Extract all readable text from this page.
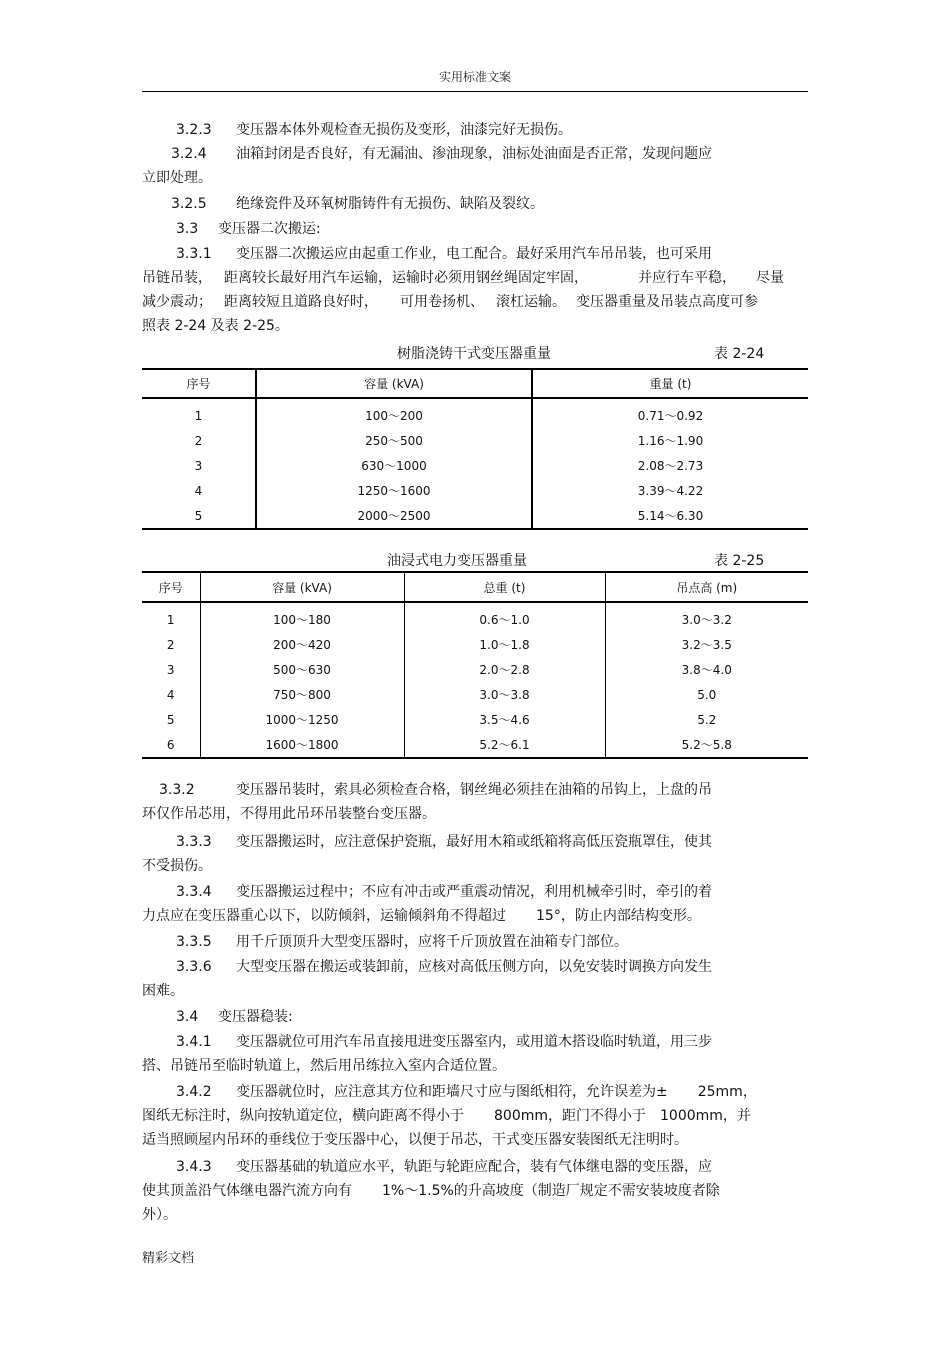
实用标准文案
3.2.3 变压器本体外观检查无损伤及变形，油漆完好无损伤。
3.2.4 油箱封闭是否良好，有无漏油、渗油现象，油标处油面是否正常，发现问题应
立即处理。
3.2.5 绝缘瓷件及环氧树脂铸件有无损伤、缺陷及裂纹。
3.3 变压器二次搬运:
3.3.1 变压器二次搬运应由起重工作业，电工配合。最好采用汽车吊吊装，也可采用
吊链吊装， 距离较长最好用汽车运输，运输时必须用钢丝绳固定牢固，	并应行车平稳， 尽量
减少震动； 距离较短且道路良好时， 可用卷扬机、 滚杠运输。 变压器重量及吊装点高度可参
照表 2-24 及表 2-25。
树脂浇铸干式变压器重量	表 2-24
序号	容量 (kVA)	重量 (t)
1	100～200	0.71～0.92
2	250～500	1.16～1.90
3	630～1000	2.08～2.73
4	1250～1600	3.39～4.22
5	2000～2500	5.14～6.30
油浸式电力变压器重量	表 2-25
序号	容量 (kVA)	总重 (t)	吊点高 (m)
1	100～180	0.6～1.0	3.0～3.2
2	200～420	1.0～1.8	3.2～3.5
3	500～630	2.0～2.8	3.8～4.0
4	750～800	3.0～3.8	5.0
5	1000～1250	3.5～4.6	5.2
6	1600～1800	5.2～6.1	5.2～5.8
3.3.2	变压器吊装时，索具必须检查合格，钢丝绳必须挂在油箱的吊钩上，上盘的吊
环仅作吊芯用，不得用此吊环吊装整台变压器。
3.3.3 变压器搬运时，应注意保护瓷瓶，最好用木箱或纸箱将高低压瓷瓶罩住，使其
不受损伤。
3.3.4 变压器搬运过程中；不应有冲击或严重震动情况，利用机械牵引时，牵引的着
力点应在变压器重心以下，以防倾斜，运输倾斜角不得超过 15°，防止内部结构变形。
3.3.5 用千斤顶顶升大型变压器时，应将千斤顶放置在油箱专门部位。
3.3.6 大型变压器在搬运或装卸前，应核对高低压侧方向，以免安装时调换方向发生
困难。
3.4 变压器稳装:
3.4.1 变压器就位可用汽车吊直接甩进变压器室内，或用道木搭设临时轨道，用三步
搭、吊链吊至临时轨道上，然后用吊练拉入室内合适位置。
3.4.2 变压器就位时，应注意其方位和距墙尺寸应与图纸相符，允许误差为± 25mm，
图纸无标注时，纵向按轨道定位，横向距离不得小于 800mm，距门不得小于 1000mm，并
适当照顾屋内吊环的垂线位于变压器中心，以便于吊芯，干式变压器安装图纸无注明时。
3.4.3 变压器基础的轨道应水平，轨距与轮距应配合，装有气体继电器的变压器，应
使其顶盖沿气体继电器汽流方向有 1%～1.5%的升高坡度（制造厂规定不需安装坡度者除
外）。
精彩文档
